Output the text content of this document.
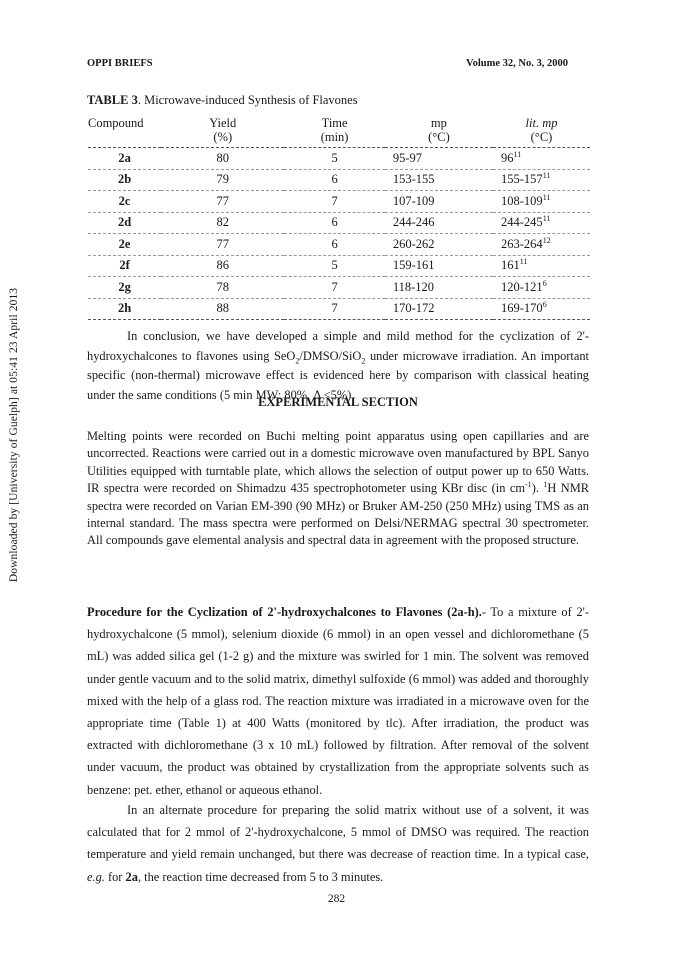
Downloaded by [University of Guelph] at 05:41 23 April 2013
OPPI BRIEFS	Volume 32, No. 3, 2000
TABLE 3. Microwave-induced Synthesis of Flavones
Compound	Yield	Time	mp	lit. mp
	(%)	(min)	(°C)	(°C)
2a	80	5	95-97	$96^{11}$
2b	79	6	153-155	$155-157^{11}$
2c	77	7	107-109	$108-109^{11}$
2d	82	6	244-246	$244-245^{11}$
2e	77	6	260-262	$263-264^{12}$
2f	86	5	159-161	$161^{11}$
2g	78	7	118-120	$120-121^6$
2h	88	7	170-172	$169-170^6$

In conclusion, we have developed a simple and mild method for the cyclization of 2'-hydroxychalcones to flavones using SeO$_2$/DMSO/SiO$_2$ under microwave irradiation. An important specific (non-thermal) microwave effect is evidenced here by comparison with classical heating under the same conditions (5 min MW: 80%, Δ <5%).

EXPERIMENTAL SECTION

Melting points were recorded on Buchi melting point apparatus using open capillaries and are uncorrected. Reactions were carried out in a domestic microwave oven manufactured by BPL Sanyo Utilities equipped with turntable plate, which allows the selection of output power up to 650 Watts. IR spectra were recorded on Shimadzu 435 spectrophotometer using KBr disc (in $cm^{-1}$). $^1$H NMR spectra were recorded on Varian EM-390 (90 MHz) or Bruker AM-250 (250 MHz) using TMS as an internal standard. The mass spectra were performed on Delsi/NERMAG spectral 30 spectrometer. All compounds gave elemental analysis and spectral data in agreement with the proposed structure.

Procedure for the Cyclization of 2'-hydroxychalcones to Flavones (2a-h).- To a mixture of 2'-hydroxychalcone (5 mmol), selenium dioxide (6 mmol) in an open vessel and dichloromethane (5 mL) was added silica gel (1-2 g) and the mixture was swirled for 1 min. The solvent was removed under gentle vacuum and to the solid matrix, dimethyl sulfoxide (6 mmol) was added and thoroughly mixed with the help of a glass rod. The reaction mixture was irradiated in a microwave oven for the appropriate time (Table 1) at 400 Watts (monitored by tlc). After irradiation, the product was extracted with dichloromethane (3 x 10 mL) followed by filtration. After removal of the solvent under vacuum, the product was obtained by crystallization from the appropriate solvents such as benzene: pet. ether, ethanol or aqueous ethanol.

In an alternate procedure for preparing the solid matrix without use of a solvent, it was calculated that for 2 mmol of 2'-hydroxychalcone, 5 mmol of DMSO was required. The reaction temperature and yield remain unchanged, but there was decrease of reaction time. In a typical case, e.g. for 2a, the reaction time decreased from 5 to 3 minutes.

282
